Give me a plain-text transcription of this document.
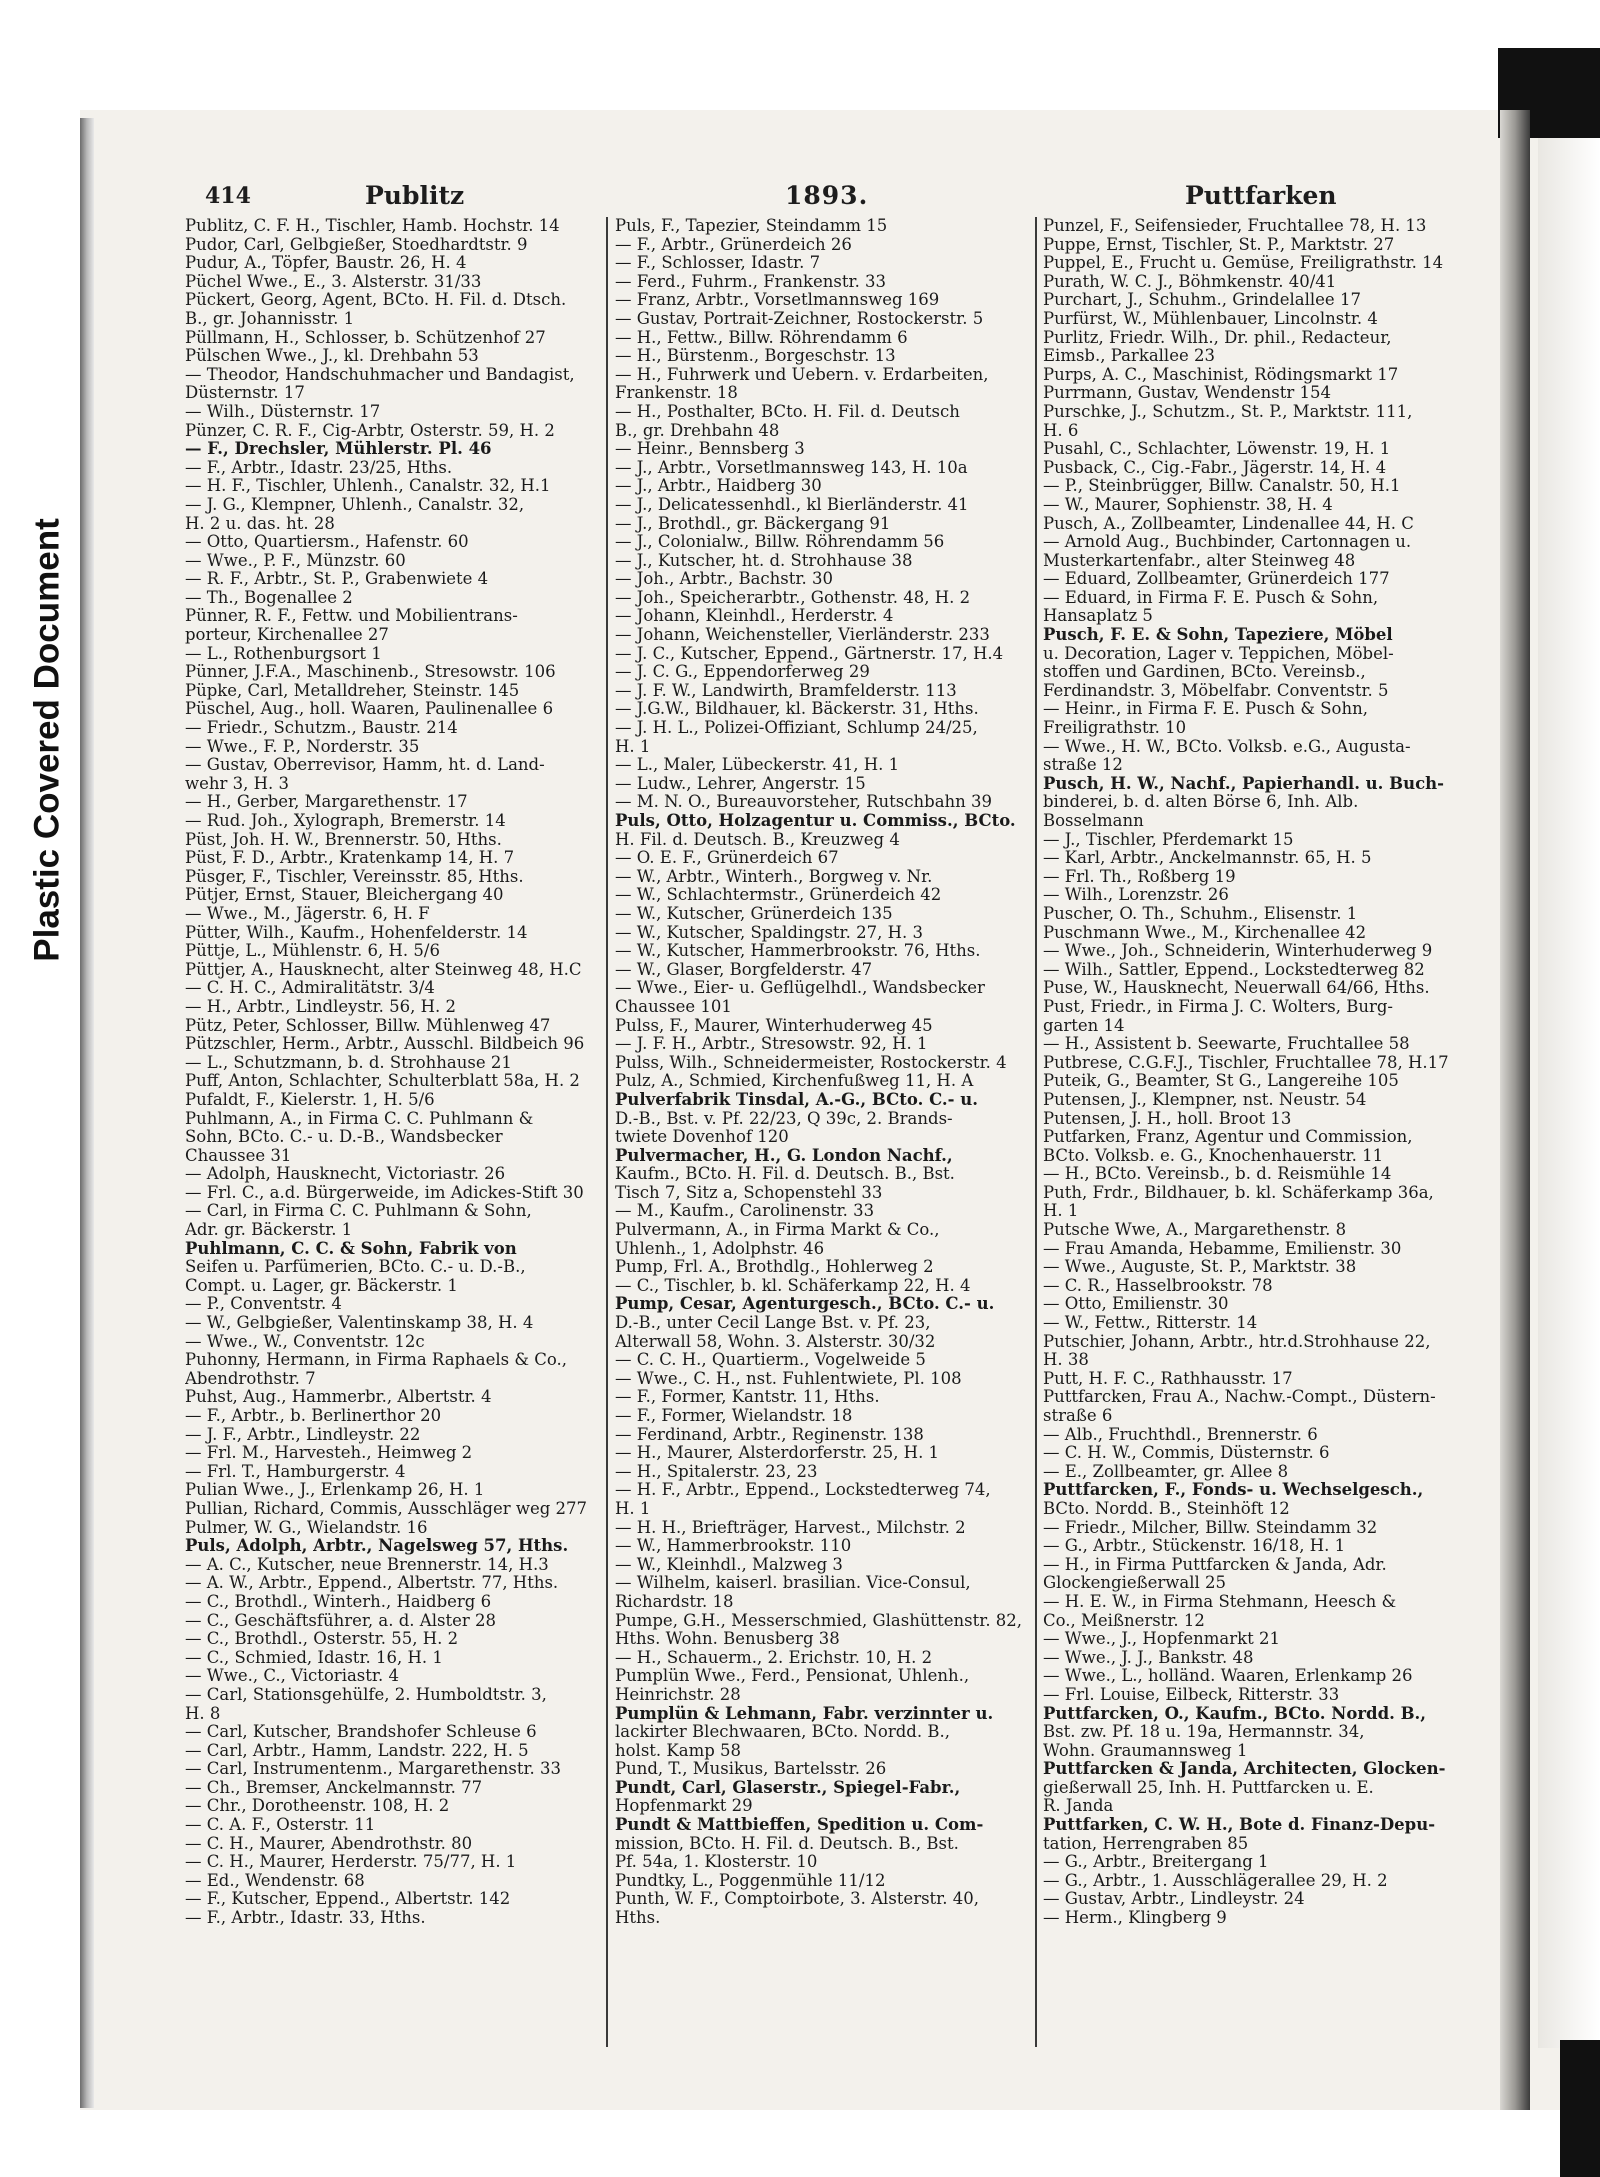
Plastic Covered Document
414	Publitz	1893.	Puttfarken
Publitz, C. F. H., Tischler, Hamb. Hochstr. 14
Pudor, Carl, Gelbgießer, Stoedhardtstr. 9
Pudur, A., Töpfer, Baustr. 26, H. 4
Püchel Wwe., E., 3. Alsterstr. 31/33
Pückert, Georg, Agent, BCto. H. Fil. d. Dtsch.
B., gr. Johannisstr. 1
Püllmann, H., Schlosser, b. Schützenhof 27
Pülschen Wwe., J., kl. Drehbahn 53
— Theodor, Handschuhmacher und Bandagist,
Düsternstr. 17
— Wilh., Düsternstr. 17
Pünzer, C. R. F., Cig-Arbtr, Osterstr. 59, H. 2
— F., Drechsler, Mühlerstr. Pl. 46
— F., Arbtr., Idastr. 23/25, Hths.
— H. F., Tischler, Uhlenh., Canalstr. 32, H.1
— J. G., Klempner, Uhlenh., Canalstr. 32,
H. 2 u. das. ht. 28
— Otto, Quartiersm., Hafenstr. 60
— Wwe., P. F., Münzstr. 60
— R. F., Arbtr., St. P., Grabenwiete 4
— Th., Bogenallee 2
Pünner, R. F., Fettw. und Mobilientrans-
porteur, Kirchenallee 27
— L., Rothenburgsort 1
Pünner, J.F.A., Maschinenb., Stresowstr. 106
Püpke, Carl, Metalldreher, Steinstr. 145
Püschel, Aug., holl. Waaren, Paulinenallee 6
— Friedr., Schutzm., Baustr. 214
— Wwe., F. P., Norderstr. 35
— Gustav, Oberrevisor, Hamm, ht. d. Land-
wehr 3, H. 3
— H., Gerber, Margarethenstr. 17
— Rud. Joh., Xylograph, Bremerstr. 14
Püst, Joh. H. W., Brennerstr. 50, Hths.
Püst, F. D., Arbtr., Kratenkamp 14, H. 7
Püsger, F., Tischler, Vereinsstr. 85, Hths.
Pütjer, Ernst, Stauer, Bleichergang 40
— Wwe., M., Jägerstr. 6, H. F
Pütter, Wilh., Kaufm., Hohenfelderstr. 14
Püttje, L., Mühlenstr. 6, H. 5/6
Püttjer, A., Hausknecht, alter Steinweg 48, H.C
— C. H. C., Admiralitätstr. 3/4
— H., Arbtr., Lindleystr. 56, H. 2
Pütz, Peter, Schlosser, Billw. Mühlenweg 47
Pützschler, Herm., Arbtr., Ausschl. Bildbeich 96
— L., Schutzmann, b. d. Strohhause 21
Puff, Anton, Schlachter, Schulterblatt 58a, H. 2
Pufaldt, F., Kielerstr. 1, H. 5/6
Puhlmann, A., in Firma C. C. Puhlmann &
Sohn, BCto. C.- u. D.-B., Wandsbecker
Chaussee 31
— Adolph, Hausknecht, Victoriastr. 26
— Frl. C., a.d. Bürgerweide, im Adickes-Stift 30
— Carl, in Firma C. C. Puhlmann & Sohn,
Adr. gr. Bäckerstr. 1
Puhlmann, C. C. & Sohn, Fabrik von
Seifen u. Parfümerien, BCto. C.- u. D.-B.,
Compt. u. Lager, gr. Bäckerstr. 1
— P., Conventstr. 4
— W., Gelbgießer, Valentinskamp 38, H. 4
— Wwe., W., Conventstr. 12c
Puhonny, Hermann, in Firma Raphaels & Co.,
Abendrothstr. 7
Puhst, Aug., Hammerbr., Albertstr. 4
— F., Arbtr., b. Berlinerthor 20
— J. F., Arbtr., Lindleystr. 22
— Frl. M., Harvesteh., Heimweg 2
— Frl. T., Hamburgerstr. 4
Pulian Wwe., J., Erlenkamp 26, H. 1
Pullian, Richard, Commis, Ausschläger weg 277
Pulmer, W. G., Wielandstr. 16
Puls, Adolph, Arbtr., Nagelsweg 57, Hths.
— A. C., Kutscher, neue Brennerstr. 14, H.3
— A. W., Arbtr., Eppend., Albertstr. 77, Hths.
— C., Brothdl., Winterh., Haidberg 6
— C., Geschäftsführer, a. d. Alster 28
— C., Brothdl., Osterstr. 55, H. 2
— C., Schmied, Idastr. 16, H. 1
— Wwe., C., Victoriastr. 4
— Carl, Stationsgehülfe, 2. Humboldtstr. 3,
H. 8
— Carl, Kutscher, Brandshofer Schleuse 6
— Carl, Arbtr., Hamm, Landstr. 222, H. 5
— Carl, Instrumentenm., Margarethenstr. 33
— Ch., Bremser, Anckelmannstr. 77
— Chr., Dorotheenstr. 108, H. 2
— C. A. F., Osterstr. 11
— C. H., Maurer, Abendrothstr. 80
— C. H., Maurer, Herderstr. 75/77, H. 1
— Ed., Wendenstr. 68
— F., Kutscher, Eppend., Albertstr. 142
— F., Arbtr., Idastr. 33, Hths.
Puls, F., Tapezier, Steindamm 15
— F., Arbtr., Grünerdeich 26
— F., Schlosser, Idastr. 7
— Ferd., Fuhrm., Frankenstr. 33
— Franz, Arbtr., Vorsetlmannsweg 169
— Gustav, Portrait-Zeichner, Rostockerstr. 5
— H., Fettw., Billw. Röhrendamm 6
— H., Bürstenm., Borgeschstr. 13
— H., Fuhrwerk und Uebern. v. Erdarbeiten,
Frankenstr. 18
— H., Posthalter, BCto. H. Fil. d. Deutsch
B., gr. Drehbahn 48
— Heinr., Bennsberg 3
— J., Arbtr., Vorsetlmannsweg 143, H. 10a
— J., Arbtr., Haidberg 30
— J., Delicatessenhdl., kl Bierländerstr. 41
— J., Brothdl., gr. Bäckergang 91
— J., Colonialw., Billw. Röhrendamm 56
— J., Kutscher, ht. d. Strohhause 38
— Joh., Arbtr., Bachstr. 30
— Joh., Speicherarbtr., Gothenstr. 48, H. 2
— Johann, Kleinhdl., Herderstr. 4
— Johann, Weichensteller, Vierländerstr. 233
— J. C., Kutscher, Eppend., Gärtnerstr. 17, H.4
— J. C. G., Eppendorferweg 29
— J. F. W., Landwirth, Bramfelderstr. 113
— J.G.W., Bildhauer, kl. Bäckerstr. 31, Hths.
— J. H. L., Polizei-Offiziant, Schlump 24/25,
H. 1
— L., Maler, Lübeckerstr. 41, H. 1
— Ludw., Lehrer, Angerstr. 15
— M. N. O., Bureauvorsteher, Rutschbahn 39
Puls, Otto, Holzagentur u. Commiss., BCto.
H. Fil. d. Deutsch. B., Kreuzweg 4
— O. E. F., Grünerdeich 67
— W., Arbtr., Winterh., Borgweg v. Nr.
— W., Schlachtermstr., Grünerdeich 42
— W., Kutscher, Grünerdeich 135
— W., Kutscher, Spaldingstr. 27, H. 3
— W., Kutscher, Hammerbrookstr. 76, Hths.
— W., Glaser, Borgfelderstr. 47
— Wwe., Eier- u. Geflügelhdl., Wandsbecker
Chaussee 101
Pulss, F., Maurer, Winterhuderweg 45
— J. F. H., Arbtr., Stresowstr. 92, H. 1
Pulss, Wilh., Schneidermeister, Rostockerstr. 4
Pulz, A., Schmied, Kirchenfußweg 11, H. A
Pulverfabrik Tinsdal, A.-G., BCto. C.- u.
D.-B., Bst. v. Pf. 22/23, Q 39c, 2. Brands-
twiete Dovenhof 120
Pulvermacher, H., G. London Nachf.,
Kaufm., BCto. H. Fil. d. Deutsch. B., Bst.
Tisch 7, Sitz a, Schopenstehl 33
— M., Kaufm., Carolinenstr. 33
Pulvermann, A., in Firma Markt & Co.,
Uhlenh., 1, Adolphstr. 46
Pump, Frl. A., Brothdlg., Hohlerweg 2
— C., Tischler, b. kl. Schäferkamp 22, H. 4
Pump, Cesar, Agenturgesch., BCto. C.- u.
D.-B., unter Cecil Lange Bst. v. Pf. 23,
Alterwall 58, Wohn. 3. Alsterstr. 30/32
— C. C. H., Quartierm., Vogelweide 5
— Wwe., C. H., nst. Fuhlentwiete, Pl. 108
— F., Former, Kantstr. 11, Hths.
— F., Former, Wielandstr. 18
— Ferdinand, Arbtr., Reginenstr. 138
— H., Maurer, Alsterdorferstr. 25, H. 1
— H., Spitalerstr. 23, 23
— H. F., Arbtr., Eppend., Lockstedterweg 74,
H. 1
— H. H., Briefträger, Harvest., Milchstr. 2
— W., Hammerbrookstr. 110
— W., Kleinhdl., Malzweg 3
— Wilhelm, kaiserl. brasilian. Vice-Consul,
Richardstr. 18
Pumpe, G.H., Messerschmied, Glashüttenstr. 82,
Hths. Wohn. Benusberg 38
— H., Schauerm., 2. Erichstr. 10, H. 2
Pumplün Wwe., Ferd., Pensionat, Uhlenh.,
Heinrichstr. 28
Pumplün & Lehmann, Fabr. verzinnter u.
lackirter Blechwaaren, BCto. Nordd. B.,
holst. Kamp 58
Pund, T., Musikus, Bartelsstr. 26
Pundt, Carl, Glaserstr., Spiegel-Fabr.,
Hopfenmarkt 29
Pundt & Mattbieffen, Spedition u. Com-
mission, BCto. H. Fil. d. Deutsch. B., Bst.
Pf. 54a, 1. Klosterstr. 10
Pundtky, L., Poggenmühle 11/12
Punth, W. F., Comptoirbote, 3. Alsterstr. 40,
Hths.
Punzel, F., Seifensieder, Fruchtallee 78, H. 13
Puppe, Ernst, Tischler, St. P., Marktstr. 27
Puppel, E., Frucht u. Gemüse, Freiligrathstr. 14
Purath, W. C. J., Böhmkenstr. 40/41
Purchart, J., Schuhm., Grindelallee 17
Purfürst, W., Mühlenbauer, Lincolnstr. 4
Purlitz, Friedr. Wilh., Dr. phil., Redacteur,
Eimsb., Parkallee 23
Purps, A. C., Maschinist, Rödingsmarkt 17
Purrmann, Gustav, Wendenstr 154
Purschke, J., Schutzm., St. P., Marktstr. 111,
H. 6
Pusahl, C., Schlachter, Löwenstr. 19, H. 1
Pusback, C., Cig.-Fabr., Jägerstr. 14, H. 4
— P., Steinbrügger, Billw. Canalstr. 50, H.1
— W., Maurer, Sophienstr. 38, H. 4
Pusch, A., Zollbeamter, Lindenallee 44, H. C
— Arnold Aug., Buchbinder, Cartonnagen u.
Musterkartenfabr., alter Steinweg 48
— Eduard, Zollbeamter, Grünerdeich 177
— Eduard, in Firma F. E. Pusch & Sohn,
Hansaplatz 5
Pusch, F. E. & Sohn, Tapeziere, Möbel
u. Decoration, Lager v. Teppichen, Möbel-
stoffen und Gardinen, BCto. Vereinsb.,
Ferdinandstr. 3, Möbelfabr. Conventstr. 5
— Heinr., in Firma F. E. Pusch & Sohn,
Freiligrathstr. 10
— Wwe., H. W., BCto. Volksb. e.G., Augusta-
straße 12
Pusch, H. W., Nachf., Papierhandl. u. Buch-
binderei, b. d. alten Börse 6, Inh. Alb.
Bosselmann
— J., Tischler, Pferdemarkt 15
— Karl, Arbtr., Anckelmannstr. 65, H. 5
— Frl. Th., Roßberg 19
— Wilh., Lorenzstr. 26
Puscher, O. Th., Schuhm., Elisenstr. 1
Puschmann Wwe., M., Kirchenallee 42
— Wwe., Joh., Schneiderin, Winterhuderweg 9
— Wilh., Sattler, Eppend., Lockstedterweg 82
Puse, W., Hausknecht, Neuerwall 64/66, Hths.
Pust, Friedr., in Firma J. C. Wolters, Burg-
garten 14
— H., Assistent b. Seewarte, Fruchtallee 58
Putbrese, C.G.F.J., Tischler, Fruchtallee 78, H.17
Puteik, G., Beamter, St G., Langereihe 105
Putensen, J., Klempner, nst. Neustr. 54
Putensen, J. H., holl. Broot 13
Putfarken, Franz, Agentur und Commission,
BCto. Volksb. e. G., Knochenhauerstr. 11
— H., BCto. Vereinsb., b. d. Reismühle 14
Puth, Frdr., Bildhauer, b. kl. Schäferkamp 36a,
H. 1
Putsche Wwe, A., Margarethenstr. 8
— Frau Amanda, Hebamme, Emilienstr. 30
— Wwe., Auguste, St. P., Marktstr. 38
— C. R., Hasselbrookstr. 78
— Otto, Emilienstr. 30
— W., Fettw., Ritterstr. 14
Putschier, Johann, Arbtr., htr.d.Strohhause 22,
H. 38
Putt, H. F. C., Rathhausstr. 17
Puttfarcken, Frau A., Nachw.-Compt., Düstern-
straße 6
— Alb., Fruchthdl., Brennerstr. 6
— C. H. W., Commis, Düsternstr. 6
— E., Zollbeamter, gr. Allee 8
Puttfarcken, F., Fonds- u. Wechselgesch.,
BCto. Nordd. B., Steinhöft 12
— Friedr., Milcher, Billw. Steindamm 32
— G., Arbtr., Stückenstr. 16/18, H. 1
— H., in Firma Puttfarcken & Janda, Adr.
Glockengießerwall 25
— H. E. W., in Firma Stehmann, Heesch &
Co., Meißnerstr. 12
— Wwe., J., Hopfenmarkt 21
— Wwe., J. J., Bankstr. 48
— Wwe., L., holländ. Waaren, Erlenkamp 26
— Frl. Louise, Eilbeck, Ritterstr. 33
Puttfarcken, O., Kaufm., BCto. Nordd. B.,
Bst. zw. Pf. 18 u. 19a, Hermannstr. 34,
Wohn. Graumannsweg 1
Puttfarcken & Janda, Architecten, Glocken-
gießerwall 25, Inh. H. Puttfarcken u. E.
R. Janda
Puttfarken, C. W. H., Bote d. Finanz-Depu-
tation, Herrengraben 85
— G., Arbtr., Breitergang 1
— G., Arbtr., 1. Ausschlägerallee 29, H. 2
— Gustav, Arbtr., Lindleystr. 24
— Herm., Klingberg 9
